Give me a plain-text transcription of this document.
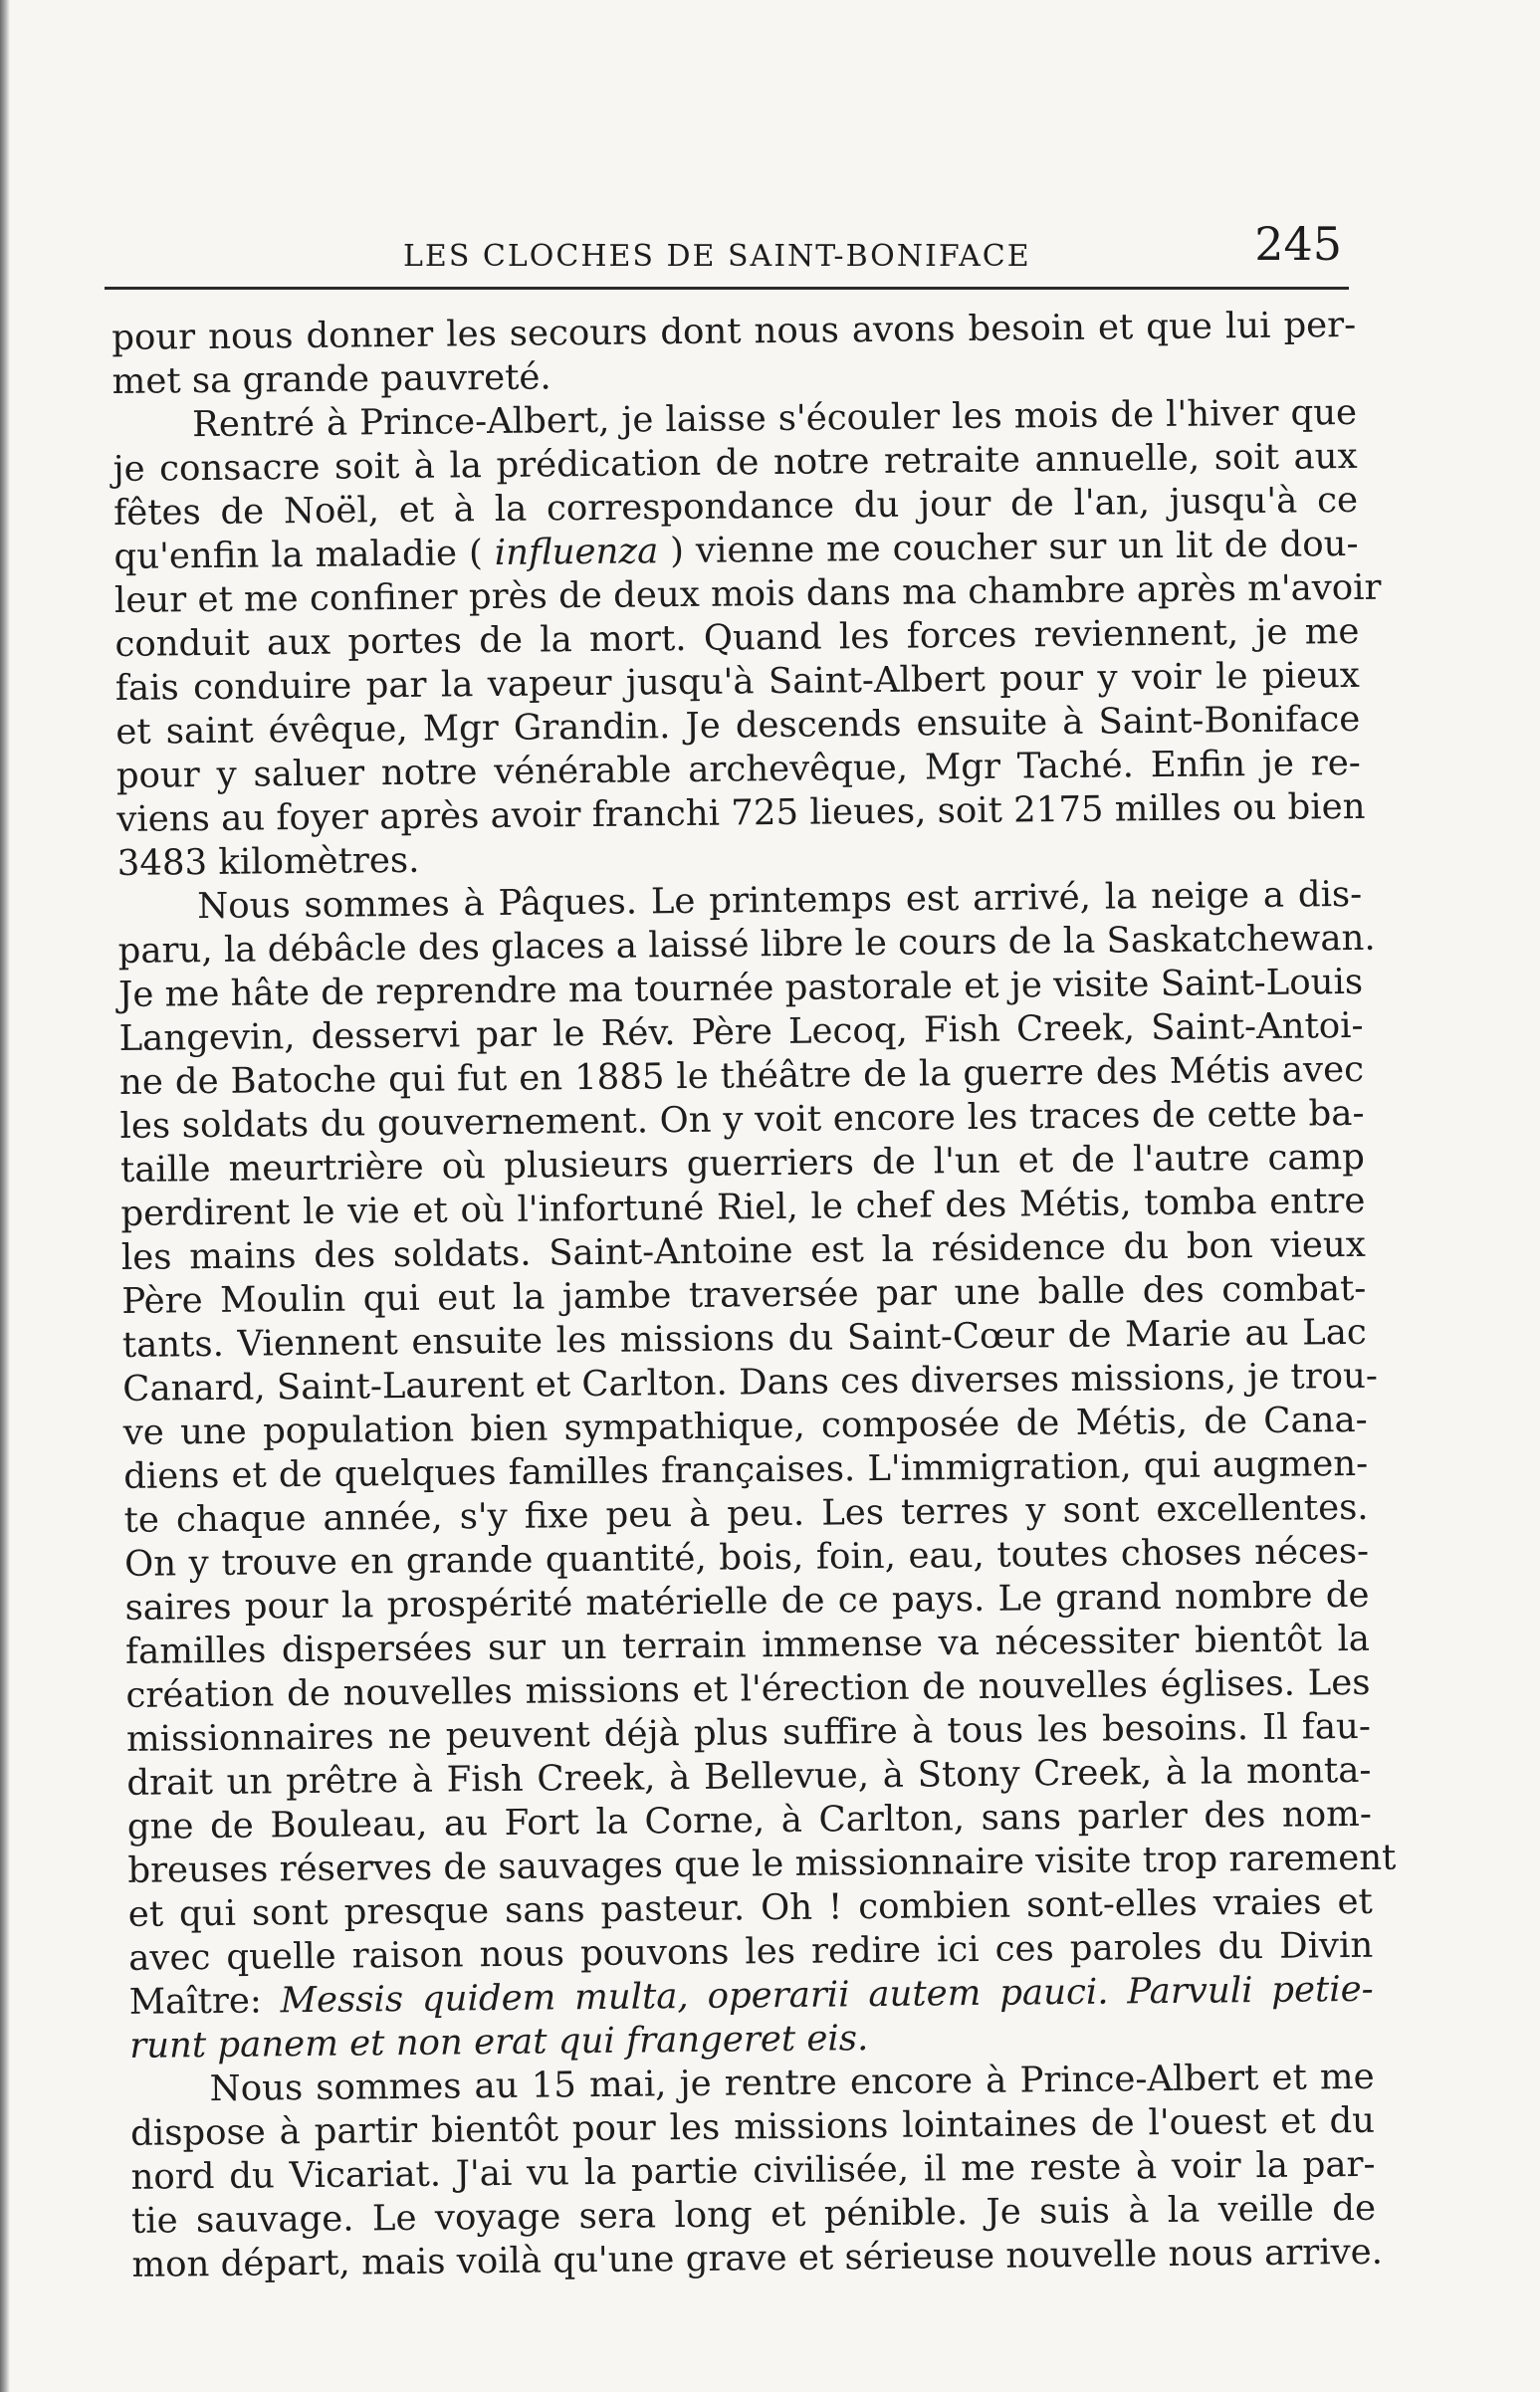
LES CLOCHES DE SAINT-BONIFACE	245
pour nous donner les secours dont nous avons besoin et que lui per-
met sa grande pauvreté.
Rentré à Prince-Albert, je laisse s'écouler les mois de l'hiver que
je consacre soit à la prédication de notre retraite annuelle, soit aux
fêtes de Noël, et à la correspondance du jour de l'an, jusqu'à ce
qu'enfin la maladie ( influenza ) vienne me coucher sur un lit de dou-
leur et me confiner près de deux mois dans ma chambre après m'avoir
conduit aux portes de la mort. Quand les forces reviennent, je me
fais conduire par la vapeur jusqu'à Saint-Albert pour y voir le pieux
et saint évêque, Mgr Grandin. Je descends ensuite à Saint-Boniface
pour y saluer notre vénérable archevêque, Mgr Taché. Enfin je re-
viens au foyer après avoir franchi 725 lieues, soit 2175 milles ou bien
3483 kilomètres.
Nous sommes à Pâques. Le printemps est arrivé, la neige a dis-
paru, la débâcle des glaces a laissé libre le cours de la Saskatchewan.
Je me hâte de reprendre ma tournée pastorale et je visite Saint-Louis
Langevin, desservi par le Rév. Père Lecoq, Fish Creek, Saint-Antoi-
ne de Batoche qui fut en 1885 le théâtre de la guerre des Métis avec
les soldats du gouvernement. On y voit encore les traces de cette ba-
taille meurtrière où plusieurs guerriers de l'un et de l'autre camp
perdirent le vie et où l'infortuné Riel, le chef des Métis, tomba entre
les mains des soldats. Saint-Antoine est la résidence du bon vieux
Père Moulin qui eut la jambe traversée par une balle des combat-
tants. Viennent ensuite les missions du Saint-Cœur de Marie au Lac
Canard, Saint-Laurent et Carlton. Dans ces diverses missions, je trou-
ve une population bien sympathique, composée de Métis, de Cana-
diens et de quelques familles françaises. L'immigration, qui augmen-
te chaque année, s'y fixe peu à peu. Les terres y sont excellentes.
On y trouve en grande quantité, bois, foin, eau, toutes choses néces-
saires pour la prospérité matérielle de ce pays. Le grand nombre de
familles dispersées sur un terrain immense va nécessiter bientôt la
création de nouvelles missions et l'érection de nouvelles églises. Les
missionnaires ne peuvent déjà plus suffire à tous les besoins. Il fau-
drait un prêtre à Fish Creek, à Bellevue, à Stony Creek, à la monta-
gne de Bouleau, au Fort la Corne, à Carlton, sans parler des nom-
breuses réserves de sauvages que le missionnaire visite trop rarement
et qui sont presque sans pasteur. Oh ! combien sont-elles vraies et
avec quelle raison nous pouvons les redire ici ces paroles du Divin
Maître: Messis quidem multa, operarii autem pauci. Parvuli petie-
runt panem et non erat qui frangeret eis.
Nous sommes au 15 mai, je rentre encore à Prince-Albert et me
dispose à partir bientôt pour les missions lointaines de l'ouest et du
nord du Vicariat. J'ai vu la partie civilisée, il me reste à voir la par-
tie sauvage. Le voyage sera long et pénible. Je suis à la veille de
mon départ, mais voilà qu'une grave et sérieuse nouvelle nous arrive.
